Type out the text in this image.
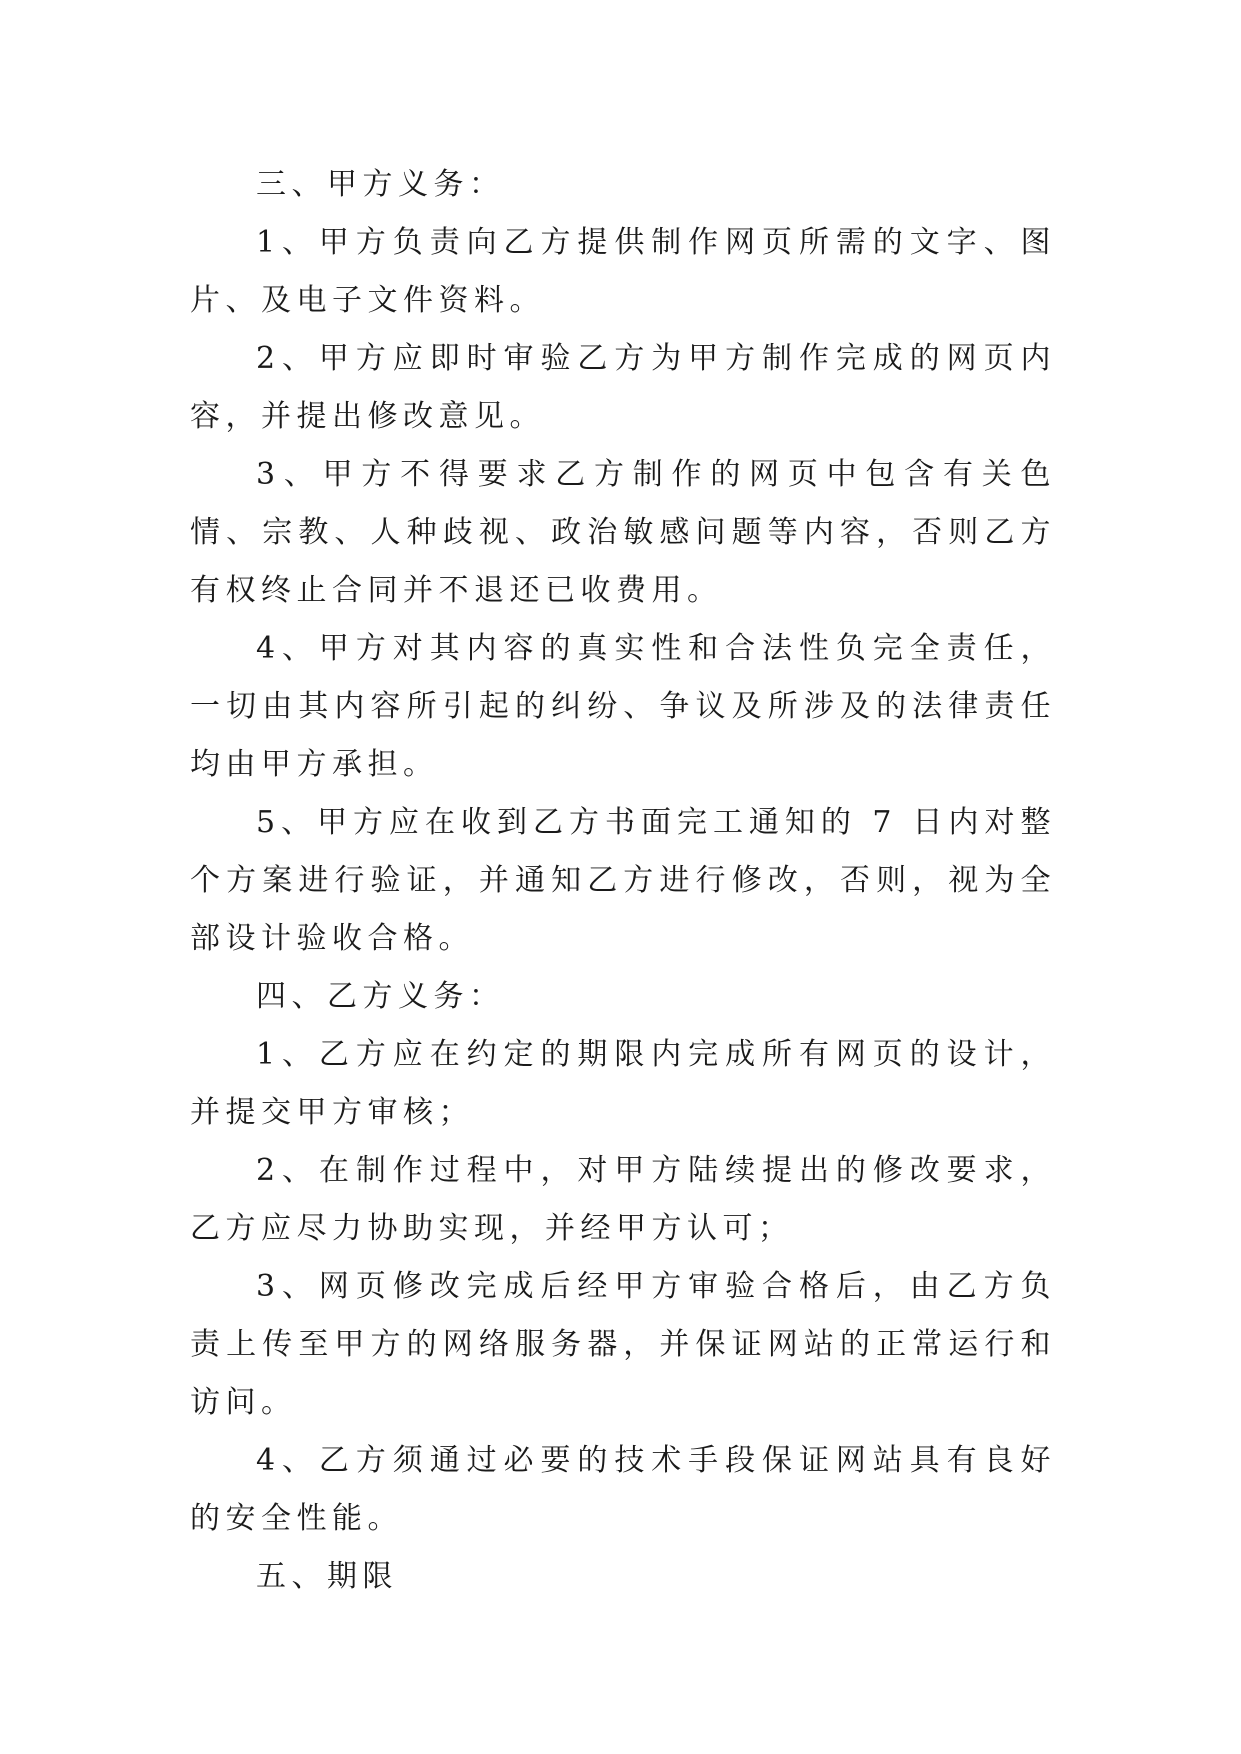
三、甲方义务：

1、甲方负责向乙方提供制作网页所需的文字、图片、及电子文件资料。

2、甲方应即时审验乙方为甲方制作完成的网页内容，并提出修改意见。

3、甲方不得要求乙方制作的网页中包含有关色情、宗教、人种歧视、政治敏感问题等内容，否则乙方有权终止合同并不退还已收费用。

4、甲方对其内容的真实性和合法性负完全责任，一切由其内容所引起的纠纷、争议及所涉及的法律责任均由甲方承担。

5、甲方应在收到乙方书面完工通知的 7 日内对整个方案进行验证，并通知乙方进行修改，否则，视为全部设计验收合格。

四、乙方义务：

1、乙方应在约定的期限内完成所有网页的设计，并提交甲方审核；

2、在制作过程中，对甲方陆续提出的修改要求，乙方应尽力协助实现，并经甲方认可；

3、网页修改完成后经甲方审验合格后，由乙方负责上传至甲方的网络服务器，并保证网站的正常运行和访问。

4、乙方须通过必要的技术手段保证网站具有良好的安全性能。

五、期限
